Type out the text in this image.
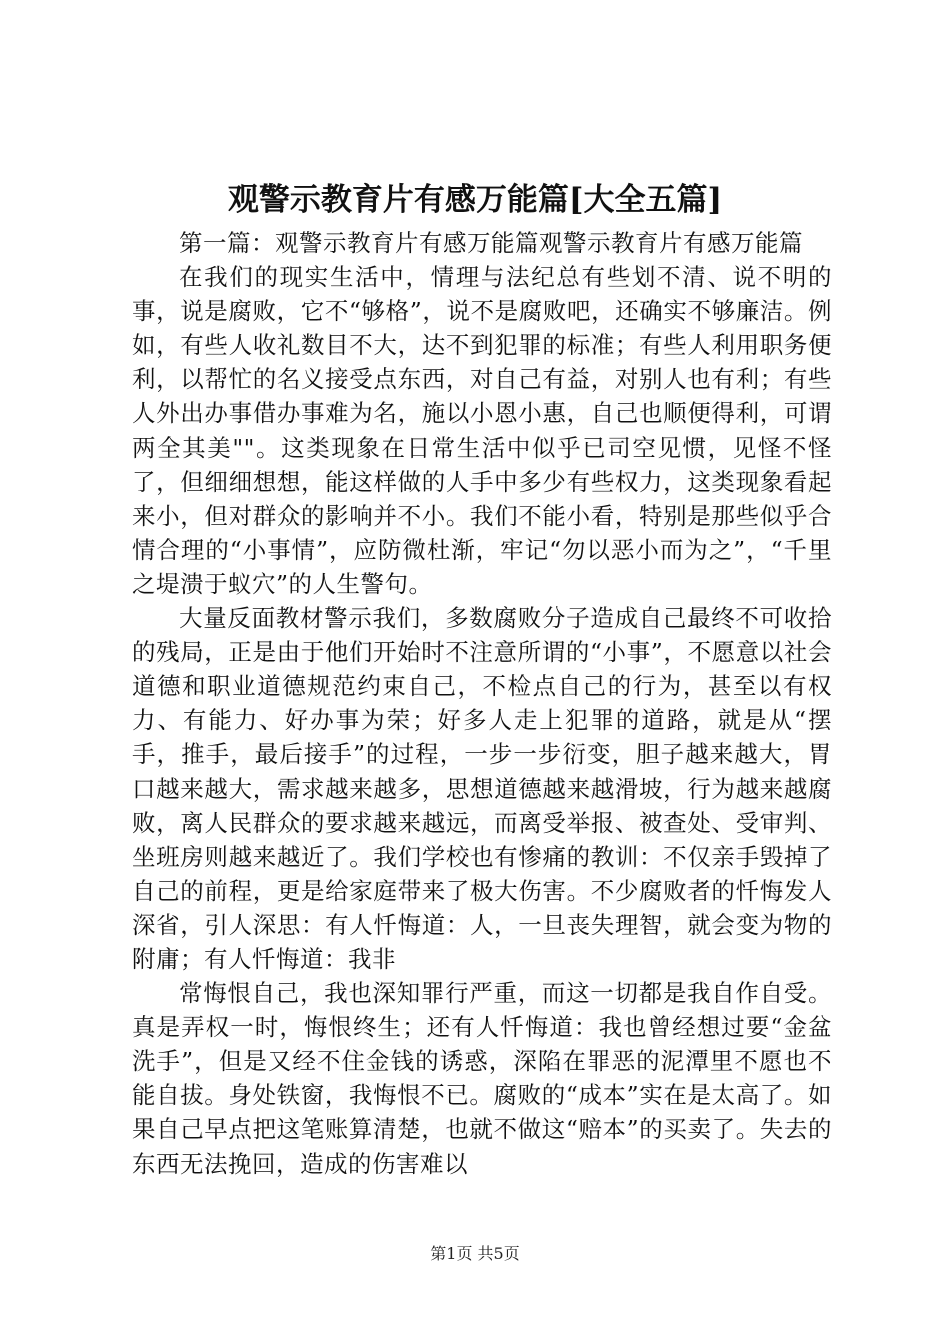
观警示教育片有感万能篇[大全五篇]

第一篇：观警示教育片有感万能篇观警示教育片有感万能篇

在我们的现实生活中，情理与法纪总有些划不清、说不明的事，说是腐败，它不“够格”，说不是腐败吧，还确实不够廉洁。例如，有些人收礼数目不大，达不到犯罪的标准；有些人利用职务便利，以帮忙的名义接受点东西，对自己有益，对别人也有利；有些人外出办事借办事难为名，施以小恩小惠，自己也顺便得利，可谓两全其美""。这类现象在日常生活中似乎已司空见惯，见怪不怪了，但细细想想，能这样做的人手中多少有些权力，这类现象看起来小，但对群众的影响并不小。我们不能小看，特别是那些似乎合情合理的“小事情”，应防微杜渐，牢记“勿以恶小而为之”，“千里之堤溃于蚁穴”的人生警句。

大量反面教材警示我们，多数腐败分子造成自己最终不可收拾的残局，正是由于他们开始时不注意所谓的“小事”，不愿意以社会道德和职业道德规范约束自己，不检点自己的行为，甚至以有权力、有能力、好办事为荣；好多人走上犯罪的道路，就是从“摆手，推手，最后接手”的过程，一步一步衍变，胆子越来越大，胃口越来越大，需求越来越多，思想道德越来越滑坡，行为越来越腐败，离人民群众的要求越来越远，而离受举报、被查处、受审判、坐班房则越来越近了。我们学校也有惨痛的教训：不仅亲手毁掉了自己的前程，更是给家庭带来了极大伤害。不少腐败者的忏悔发人深省，引人深思：有人忏悔道：人，一旦丧失理智，就会变为物的附庸；有人忏悔道：我非

常悔恨自己，我也深知罪行严重，而这一切都是我自作自受。真是弄权一时，悔恨终生；还有人忏悔道：我也曾经想过要“金盆洗手”，但是又经不住金钱的诱惑，深陷在罪恶的泥潭里不愿也不能自拔。身处铁窗，我悔恨不已。腐败的“成本”实在是太高了。如果自己早点把这笔账算清楚，也就不做这“赔本”的买卖了。失去的东西无法挽回，造成的伤害难以

第1页 共5页
